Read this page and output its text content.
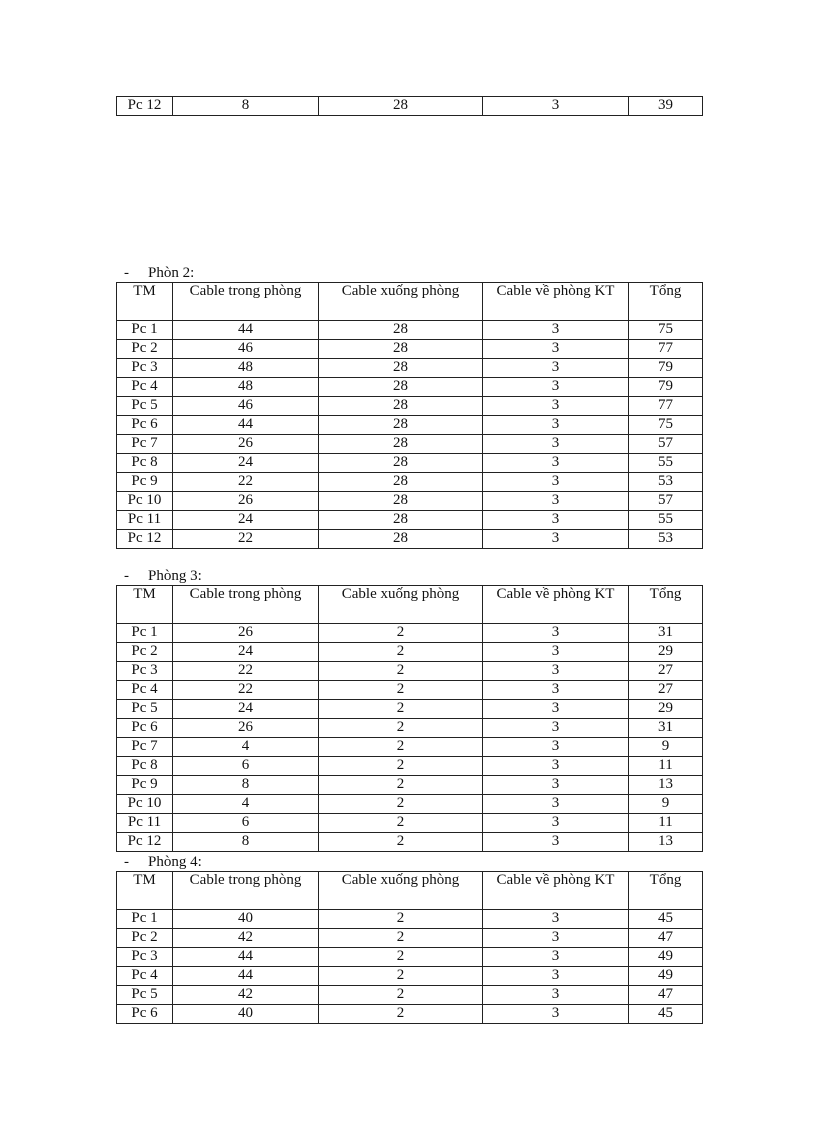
Pc 12	8	28	3	39
- Phòn 2:
TM	Cable trong phòng	Cable xuống phòng	Cable về phòng KT	Tổng
Pc 1	44	28	3	75
Pc 2	46	28	3	77
Pc 3	48	28	3	79
Pc 4	48	28	3	79
Pc 5	46	28	3	77
Pc 6	44	28	3	75
Pc 7	26	28	3	57
Pc 8	24	28	3	55
Pc 9	22	28	3	53
Pc 10	26	28	3	57
Pc 11	24	28	3	55
Pc 12	22	28	3	53
- Phòng 3:
TM	Cable trong phòng	Cable xuống phòng	Cable về phòng KT	Tổng
Pc 1	26	2	3	31
Pc 2	24	2	3	29
Pc 3	22	2	3	27
Pc 4	22	2	3	27
Pc 5	24	2	3	29
Pc 6	26	2	3	31
Pc 7	4	2	3	9
Pc 8	6	2	3	11
Pc 9	8	2	3	13
Pc 10	4	2	3	9
Pc 11	6	2	3	11
Pc 12	8	2	3	13
- Phòng 4:
TM	Cable trong phòng	Cable xuống phòng	Cable về phòng KT	Tổng
Pc 1	40	2	3	45
Pc 2	42	2	3	47
Pc 3	44	2	3	49
Pc 4	44	2	3	49
Pc 5	42	2	3	47
Pc 6	40	2	3	45
